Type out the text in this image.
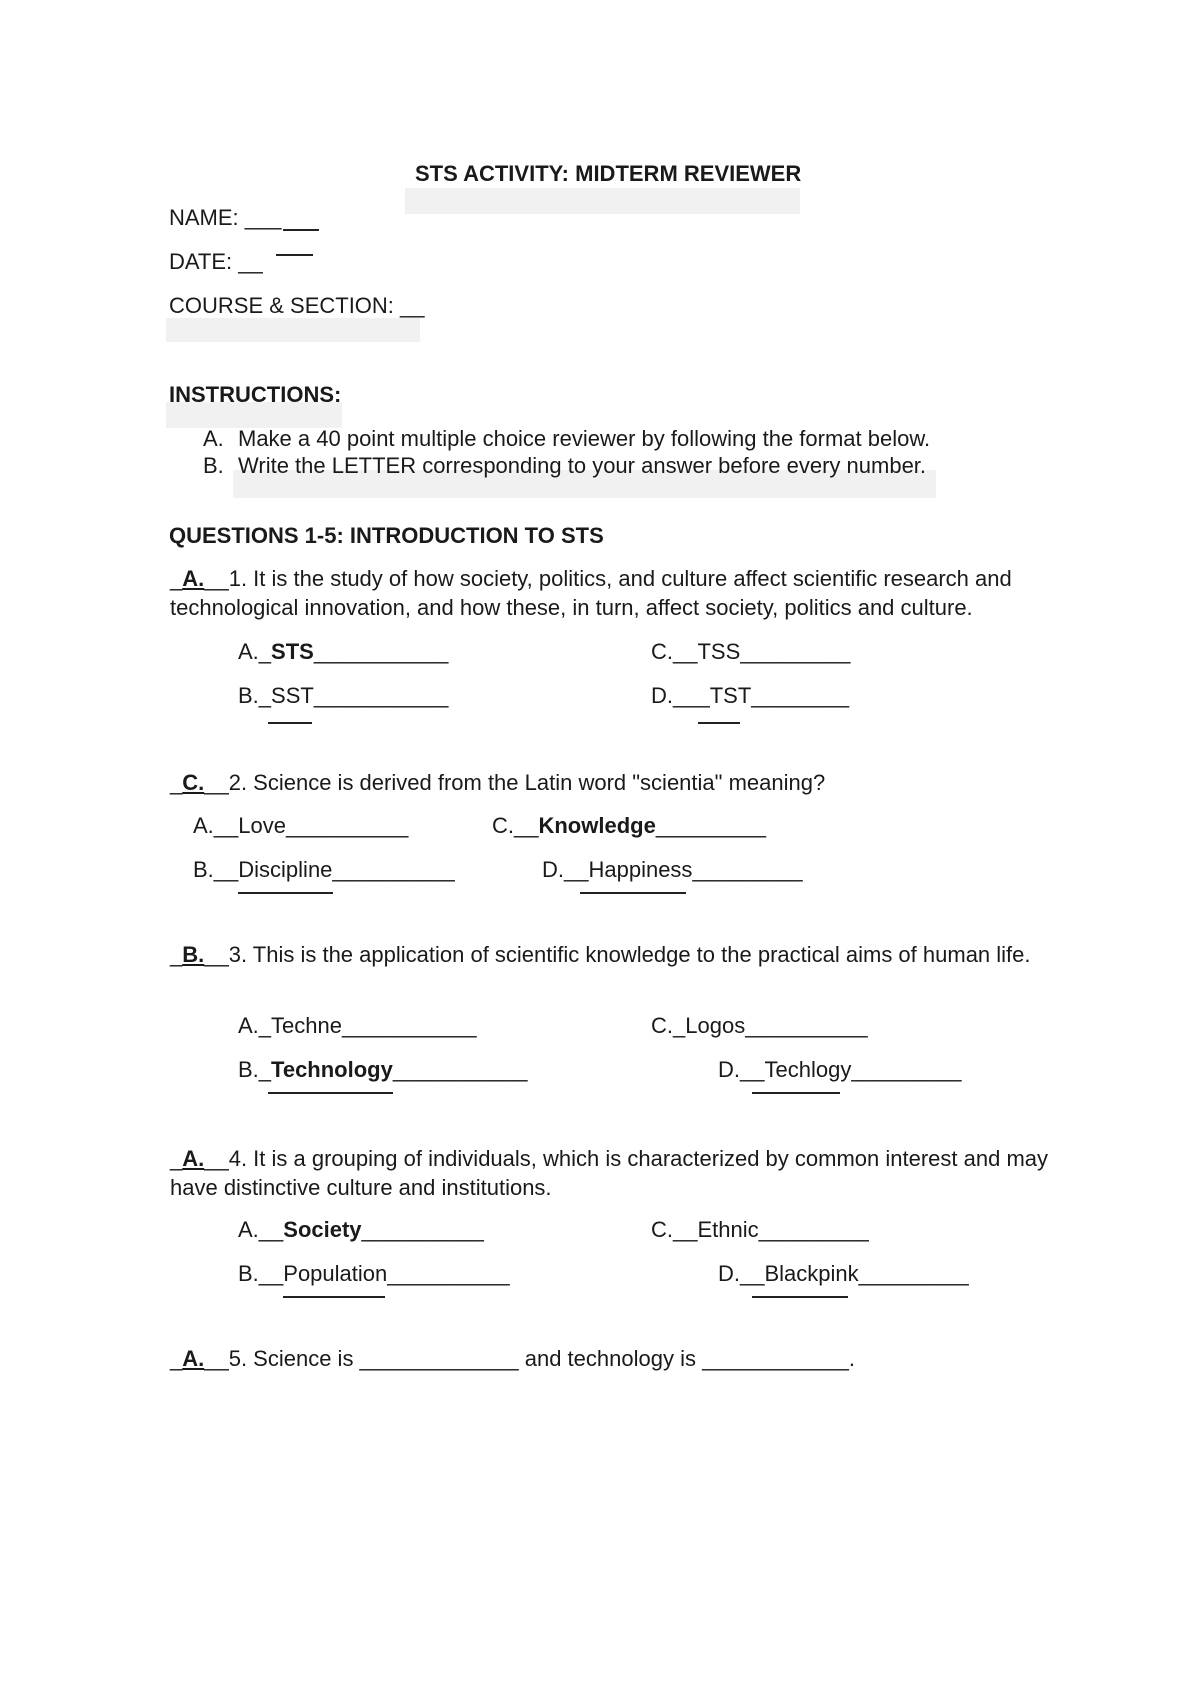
STS ACTIVITY: MIDTERM REVIEWER
NAME: ___
DATE: __
COURSE & SECTION: __
INSTRUCTIONS:
A. Make a 40 point multiple choice reviewer by following the format below.
B. Write the LETTER corresponding to your answer before every number.
QUESTIONS 1-5: INTRODUCTION TO STS
_A.__1. It is the study of how society, politics, and culture affect scientific research and technological innovation, and how these, in turn, affect society, politics and culture.
A._STS___________	C.__TSS_________
B._SST___________	D.___TST________
_C.__2. Science is derived from the Latin word "scientia" meaning?
A.__Love__________	C.__Knowledge_________
B.__Discipline__________	D.__Happiness_________
_B.__3. This is the application of scientific knowledge to the practical aims of human life.
A._Techne___________	C._Logos__________
B._Technology___________	D.__Techlogy_________
_A.__4. It is a grouping of individuals, which is characterized by common interest and may have distinctive culture and institutions.
A.__Society__________	C.__Ethnic_________
B.__Population__________	D.__Blackpink_________
_A.__5. Science is _____________ and technology is ____________.
